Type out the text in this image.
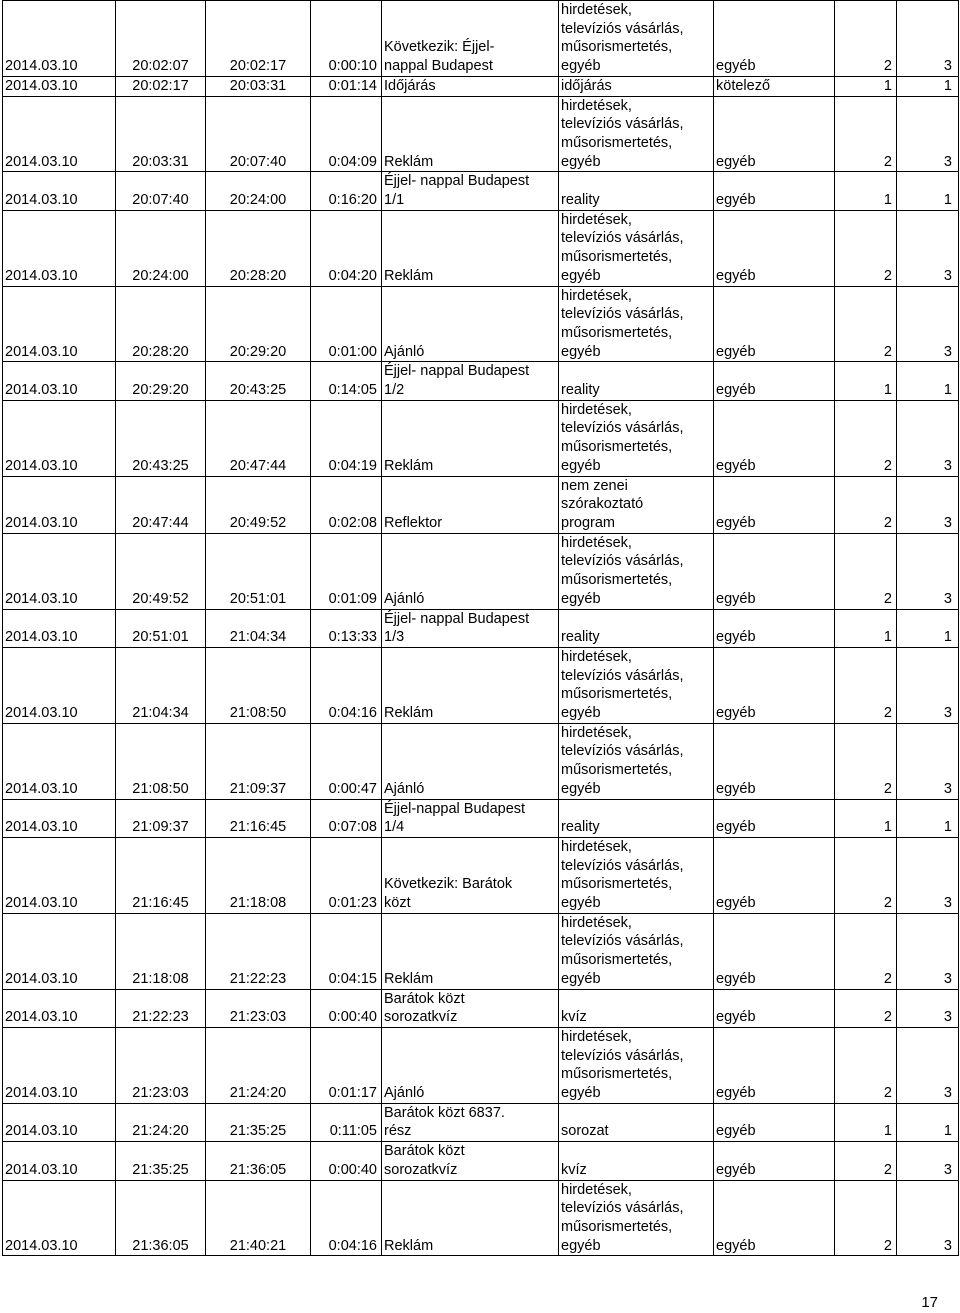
2014.03.10	20:02:07	20:02:17	0:00:10	Következik: Éjjel-
nappal Budapest	hirdetések,
televíziós vásárlás,
műsorismertetés,
egyéb	egyéb	2	3
2014.03.10	20:02:17	20:03:31	0:01:14	Időjárás	időjárás	kötelező	1	1
2014.03.10	20:03:31	20:07:40	0:04:09	Reklám	hirdetések,
televíziós vásárlás,
műsorismertetés,
egyéb	egyéb	2	3
2014.03.10	20:07:40	20:24:00	0:16:20	Éjjel- nappal Budapest
1/1	reality	egyéb	1	1
2014.03.10	20:24:00	20:28:20	0:04:20	Reklám	hirdetések,
televíziós vásárlás,
műsorismertetés,
egyéb	egyéb	2	3
2014.03.10	20:28:20	20:29:20	0:01:00	Ajánló	hirdetések,
televíziós vásárlás,
műsorismertetés,
egyéb	egyéb	2	3
2014.03.10	20:29:20	20:43:25	0:14:05	Éjjel- nappal Budapest
1/2	reality	egyéb	1	1
2014.03.10	20:43:25	20:47:44	0:04:19	Reklám	hirdetések,
televíziós vásárlás,
műsorismertetés,
egyéb	egyéb	2	3
2014.03.10	20:47:44	20:49:52	0:02:08	Reflektor	nem zenei
szórakoztató
program	egyéb	2	3
2014.03.10	20:49:52	20:51:01	0:01:09	Ajánló	hirdetések,
televíziós vásárlás,
műsorismertetés,
egyéb	egyéb	2	3
2014.03.10	20:51:01	21:04:34	0:13:33	Éjjel- nappal Budapest
1/3	reality	egyéb	1	1
2014.03.10	21:04:34	21:08:50	0:04:16	Reklám	hirdetések,
televíziós vásárlás,
műsorismertetés,
egyéb	egyéb	2	3
2014.03.10	21:08:50	21:09:37	0:00:47	Ajánló	hirdetések,
televíziós vásárlás,
műsorismertetés,
egyéb	egyéb	2	3
2014.03.10	21:09:37	21:16:45	0:07:08	Éjjel-nappal Budapest
1/4	reality	egyéb	1	1
2014.03.10	21:16:45	21:18:08	0:01:23	Következik: Barátok
közt	hirdetések,
televíziós vásárlás,
műsorismertetés,
egyéb	egyéb	2	3
2014.03.10	21:18:08	21:22:23	0:04:15	Reklám	hirdetések,
televíziós vásárlás,
műsorismertetés,
egyéb	egyéb	2	3
2014.03.10	21:22:23	21:23:03	0:00:40	Barátok közt
sorozatkvíz	kvíz	egyéb	2	3
2014.03.10	21:23:03	21:24:20	0:01:17	Ajánló	hirdetések,
televíziós vásárlás,
műsorismertetés,
egyéb	egyéb	2	3
2014.03.10	21:24:20	21:35:25	0:11:05	Barátok közt 6837.
rész	sorozat	egyéb	1	1
2014.03.10	21:35:25	21:36:05	0:00:40	Barátok közt
sorozatkvíz	kvíz	egyéb	2	3
2014.03.10	21:36:05	21:40:21	0:04:16	Reklám	hirdetések,
televíziós vásárlás,
műsorismertetés,
egyéb	egyéb	2	3
17
